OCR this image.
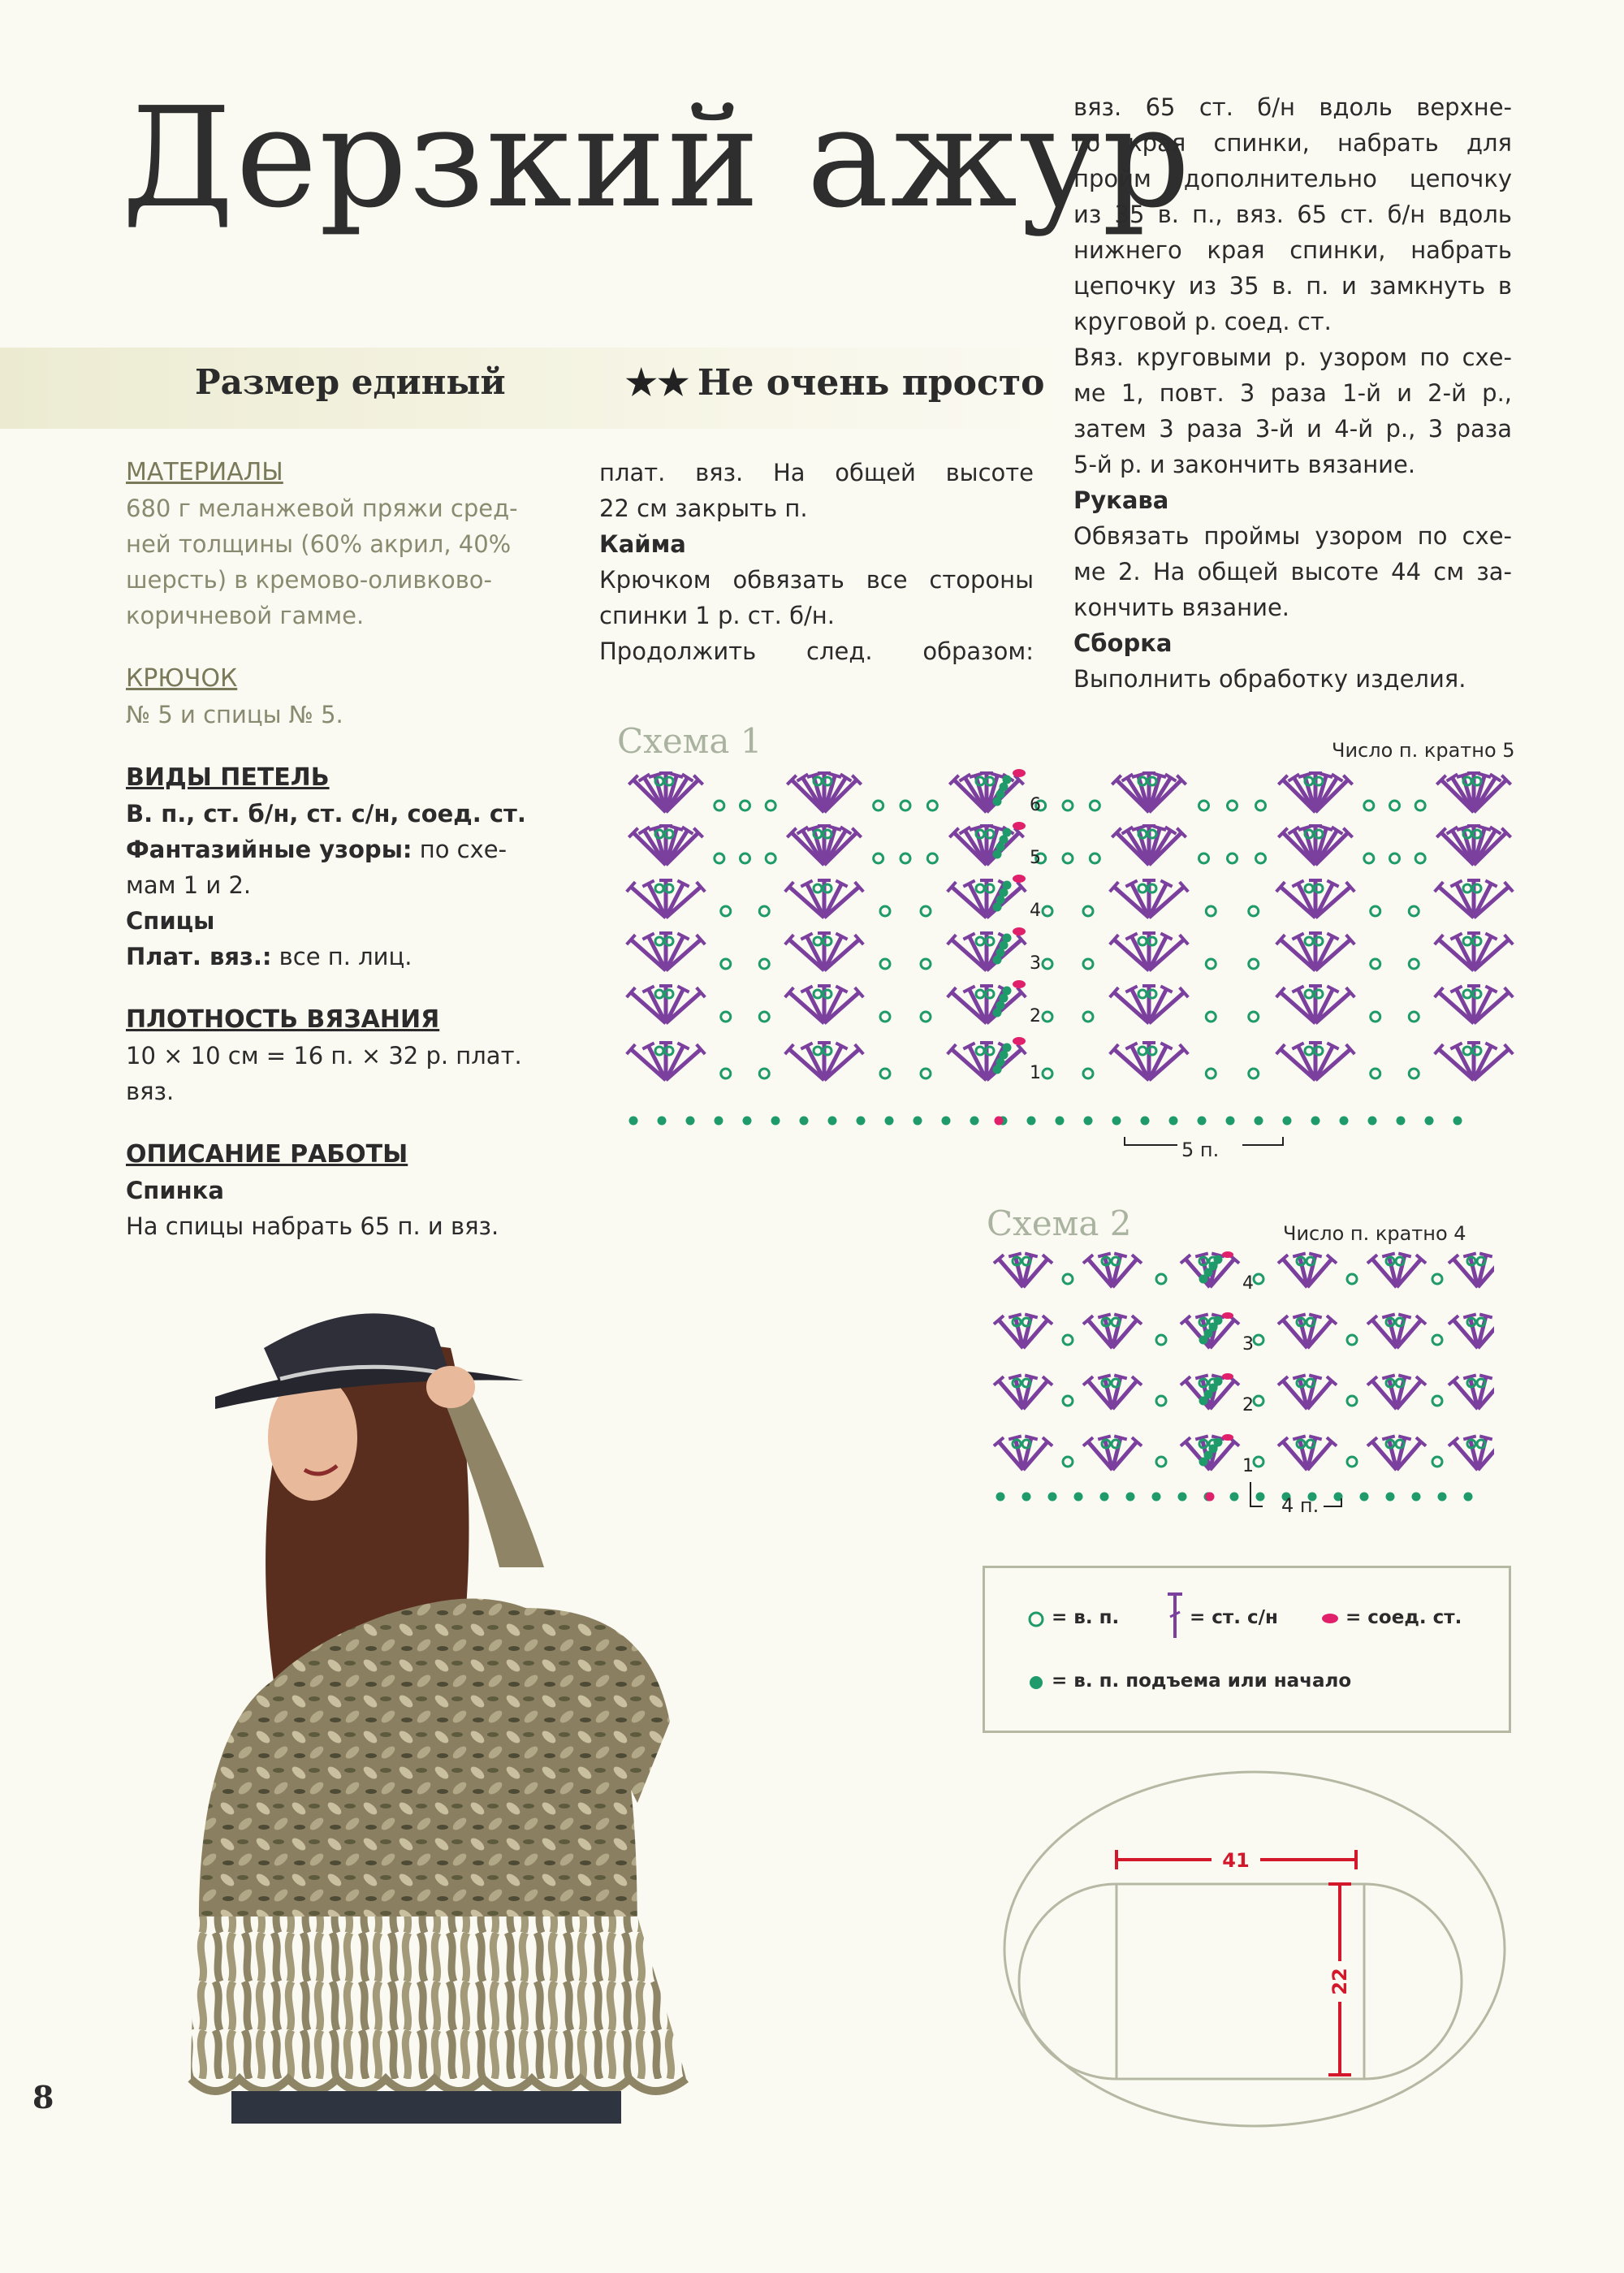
Дерзкий ажур
Размер единый	★★ Не очень просто

МАТЕРИАЛЫ

680 г меланжевой пряжи сред-

ней толщины (60% акрил, 40%

шерсть) в кремово-оливково-

коричневой гамме.

КРЮЧОК

№ 5 и спицы № 5.

ВИДЫ ПЕТЕЛЬ

В. п., ст. б/н, ст. с/н, соед. ст.

Фантазийные узоры: по схе-

мам 1 и 2.

Спицы

Плат. вяз.: все п. лиц.

ПЛОТНОСТЬ ВЯЗАНИЯ

10 × 10 см = 16 п. × 32 р. плат.

вяз.

ОПИСАНИЕ РАБОТЫ

Спинка

На спицы набрать 65 п. и вяз.

плат. вяз. На общей высоте

22 см закрыть п.

Кайма

Крючком обвязать все стороны

спинки 1 р. ст. б/н.

Продолжить след. образом:

вяз. 65 ст. б/н вдоль верхне-

го края спинки, набрать для

пройм дополнительно цепочку

из 35 в. п., вяз. 65 ст. б/н вдоль

нижнего края спинки, набрать

цепочку из 35 в. п. и замкнуть в

круговой р. соед. ст.

Вяз. круговыми р. узором по схе-

ме 1, повт. 3 раза 1-й и 2-й р.,

затем 3 раза 3-й и 4-й р., 3 раза

5-й р. и закончить вязание.

Рукава

Обвязать проймы узором по схе-

ме 2. На общей высоте 44 см за-

кончить вязание.

Сборка

Выполнить обработку изделия.

Схема 1	Число п. кратно 5
6
5
4
3
2
1
5 п.
Схема 2	Число п. кратно 4
4
3
2
1
4 п.
= в. п.	= ст. с/н	= соед. ст.
= в. п. подъема или начало
41
22
8
